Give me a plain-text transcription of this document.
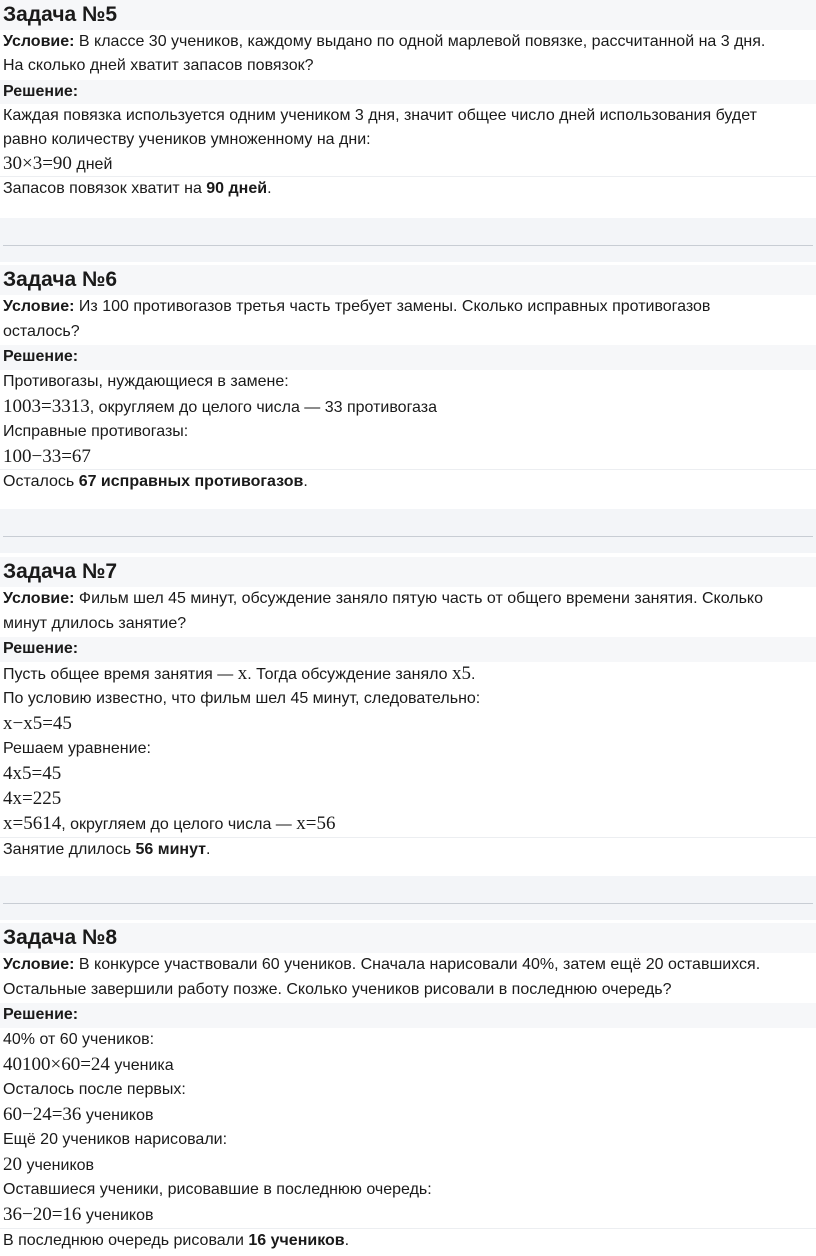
Задача №5
Условие: В классе 30 учеников, каждому выдано по одной марлевой повязке, рассчитанной на 3 дня.
На сколько дней хватит запасов повязок?
Решение:
Каждая повязка используется одним учеником 3 дня, значит общее число дней использования будет
равно количеству учеников умноженному на дни:
30×3=90 дней
Запасов повязок хватит на 90 дней.
Задача №6
Условие: Из 100 противогазов третья часть требует замены. Сколько исправных противогазов
осталось?
Решение:
Противогазы, нуждающиеся в замене:
1003=3313, округляем до целого числа — 33 противогаза
Исправные противогазы:
100−33=67
Осталось 67 исправных противогазов.
Задача №7
Условие: Фильм шел 45 минут, обсуждение заняло пятую часть от общего времени занятия. Сколько
минут длилось занятие?
Решение:
Пусть общее время занятия — x. Тогда обсуждение заняло x5.
По условию известно, что фильм шел 45 минут, следовательно:
x−x5=45
Решаем уравнение:
4x5=45
4x=225
x=5614, округляем до целого числа — x=56
Занятие длилось 56 минут.
Задача №8
Условие: В конкурсе участвовали 60 учеников. Сначала нарисовали 40%, затем ещё 20 оставшихся.
Остальные завершили работу позже. Сколько учеников рисовали в последнюю очередь?
Решение:
40% от 60 учеников:
40100×60=24 ученика
Осталось после первых:
60−24=36 учеников
Ещё 20 учеников нарисовали:
20 учеников
Оставшиеся ученики, рисовавшие в последнюю очередь:
36−20=16 учеников
В последнюю очередь рисовали 16 учеников.
